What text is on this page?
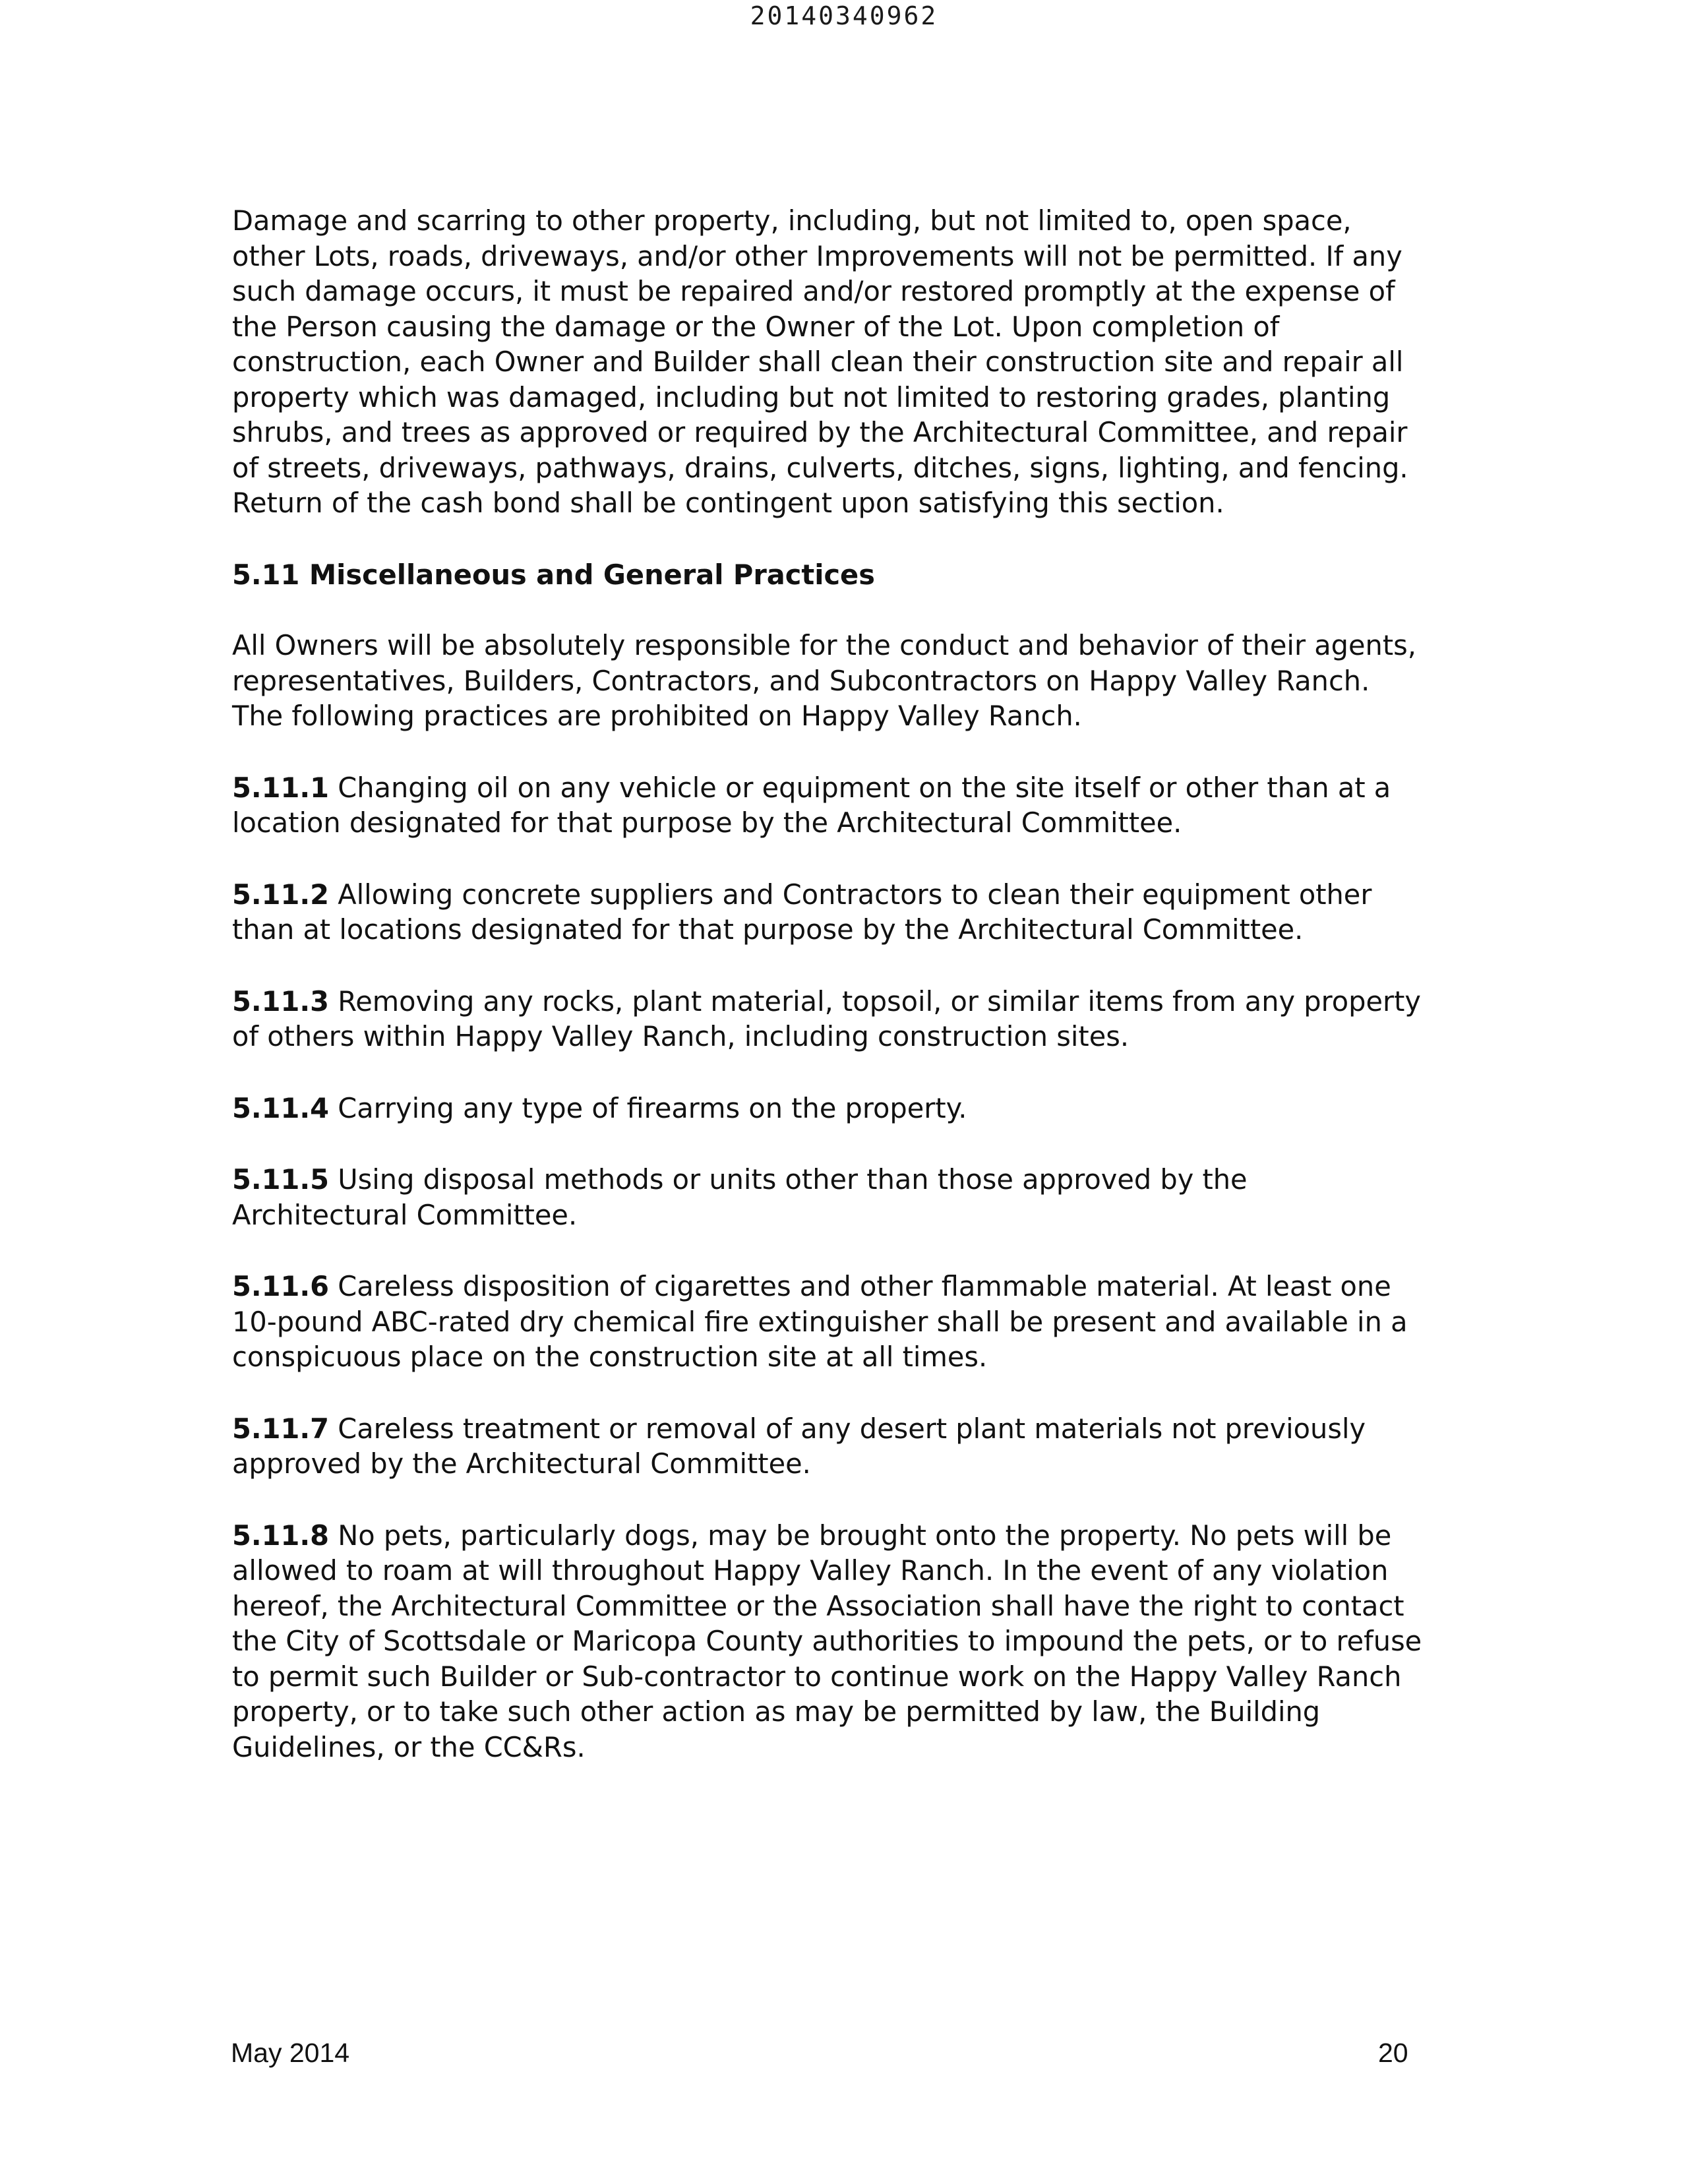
20140340962

Damage and scarring to other property, including, but not limited to, open space, other Lots, roads, driveways, and/or other Improvements will not be permitted. If any such damage occurs, it must be repaired and/or restored promptly at the expense of the Person causing the damage or the Owner of the Lot. Upon completion of construction, each Owner and Builder shall clean their construction site and repair all property which was damaged, including but not limited to restoring grades, planting shrubs, and trees as approved or required by the Architectural Committee, and repair of streets, driveways, pathways, drains, culverts, ditches, signs, lighting, and fencing. Return of the cash bond shall be contingent upon satisfying this section.

5.11 Miscellaneous and General Practices

All Owners will be absolutely responsible for the conduct and behavior of their agents, representatives, Builders, Contractors, and Subcontractors on Happy Valley Ranch. The following practices are prohibited on Happy Valley Ranch.

5.11.1 Changing oil on any vehicle or equipment on the site itself or other than at a location designated for that purpose by the Architectural Committee.

5.11.2 Allowing concrete suppliers and Contractors to clean their equipment other than at locations designated for that purpose by the Architectural Committee.

5.11.3 Removing any rocks, plant material, topsoil, or similar items from any property of others within Happy Valley Ranch, including construction sites.

5.11.4 Carrying any type of firearms on the property.

5.11.5 Using disposal methods or units other than those approved by the Architectural Committee.

5.11.6 Careless disposition of cigarettes and other flammable material. At least one 10-pound ABC-rated dry chemical fire extinguisher shall be present and available in a conspicuous place on the construction site at all times.

5.11.7 Careless treatment or removal of any desert plant materials not previously approved by the Architectural Committee.

5.11.8 No pets, particularly dogs, may be brought onto the property. No pets will be allowed to roam at will throughout Happy Valley Ranch. In the event of any violation hereof, the Architectural Committee or the Association shall have the right to contact the City of Scottsdale or Maricopa County authorities to impound the pets, or to refuse to permit such Builder or Sub-contractor to continue work on the Happy Valley Ranch property, or to take such other action as may be permitted by law, the Building Guidelines, or the CC&Rs.

May 2014	20
